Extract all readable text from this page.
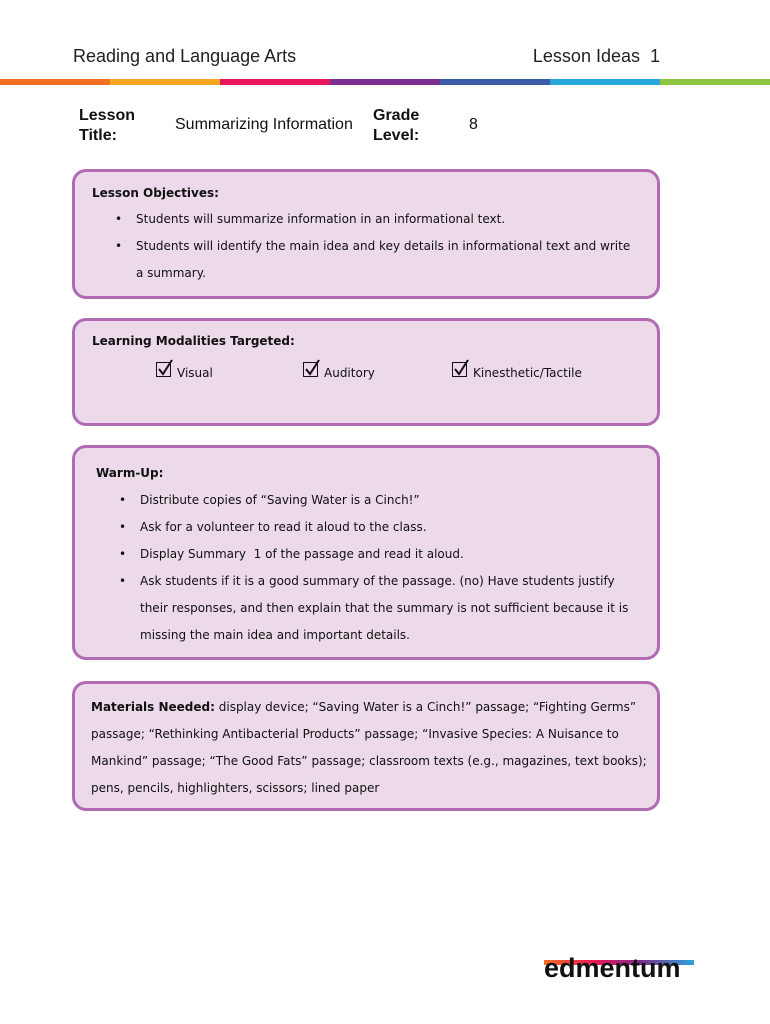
Reading and Language Arts	Lesson Ideas  1
Lesson
Title:
Summarizing Information
Grade
Level:
8
Lesson Objectives:
• Students will summarize information in an informational text.
• Students will identify the main idea and key details in informational text and write a summary.
Learning Modalities Targeted:
Visual	Auditory	Kinesthetic/Tactile
Warm-Up:
• Distribute copies of “Saving Water is a Cinch!”
• Ask for a volunteer to read it aloud to the class.
• Display Summary  1 of the passage and read it aloud.
• Ask students if it is a good summary of the passage. (no) Have students justify their responses, and then explain that the summary is not sufficient because it is missing the main idea and important details.
Materials Needed: display device; “Saving Water is a Cinch!” passage; “Fighting Germs” passage; “Rethinking Antibacterial Products” passage; “Invasive Species: A Nuisance to Mankind” passage; “The Good Fats” passage; classroom texts (e.g., magazines, text books); pens, pencils, highlighters, scissors; lined paper
edmentum
